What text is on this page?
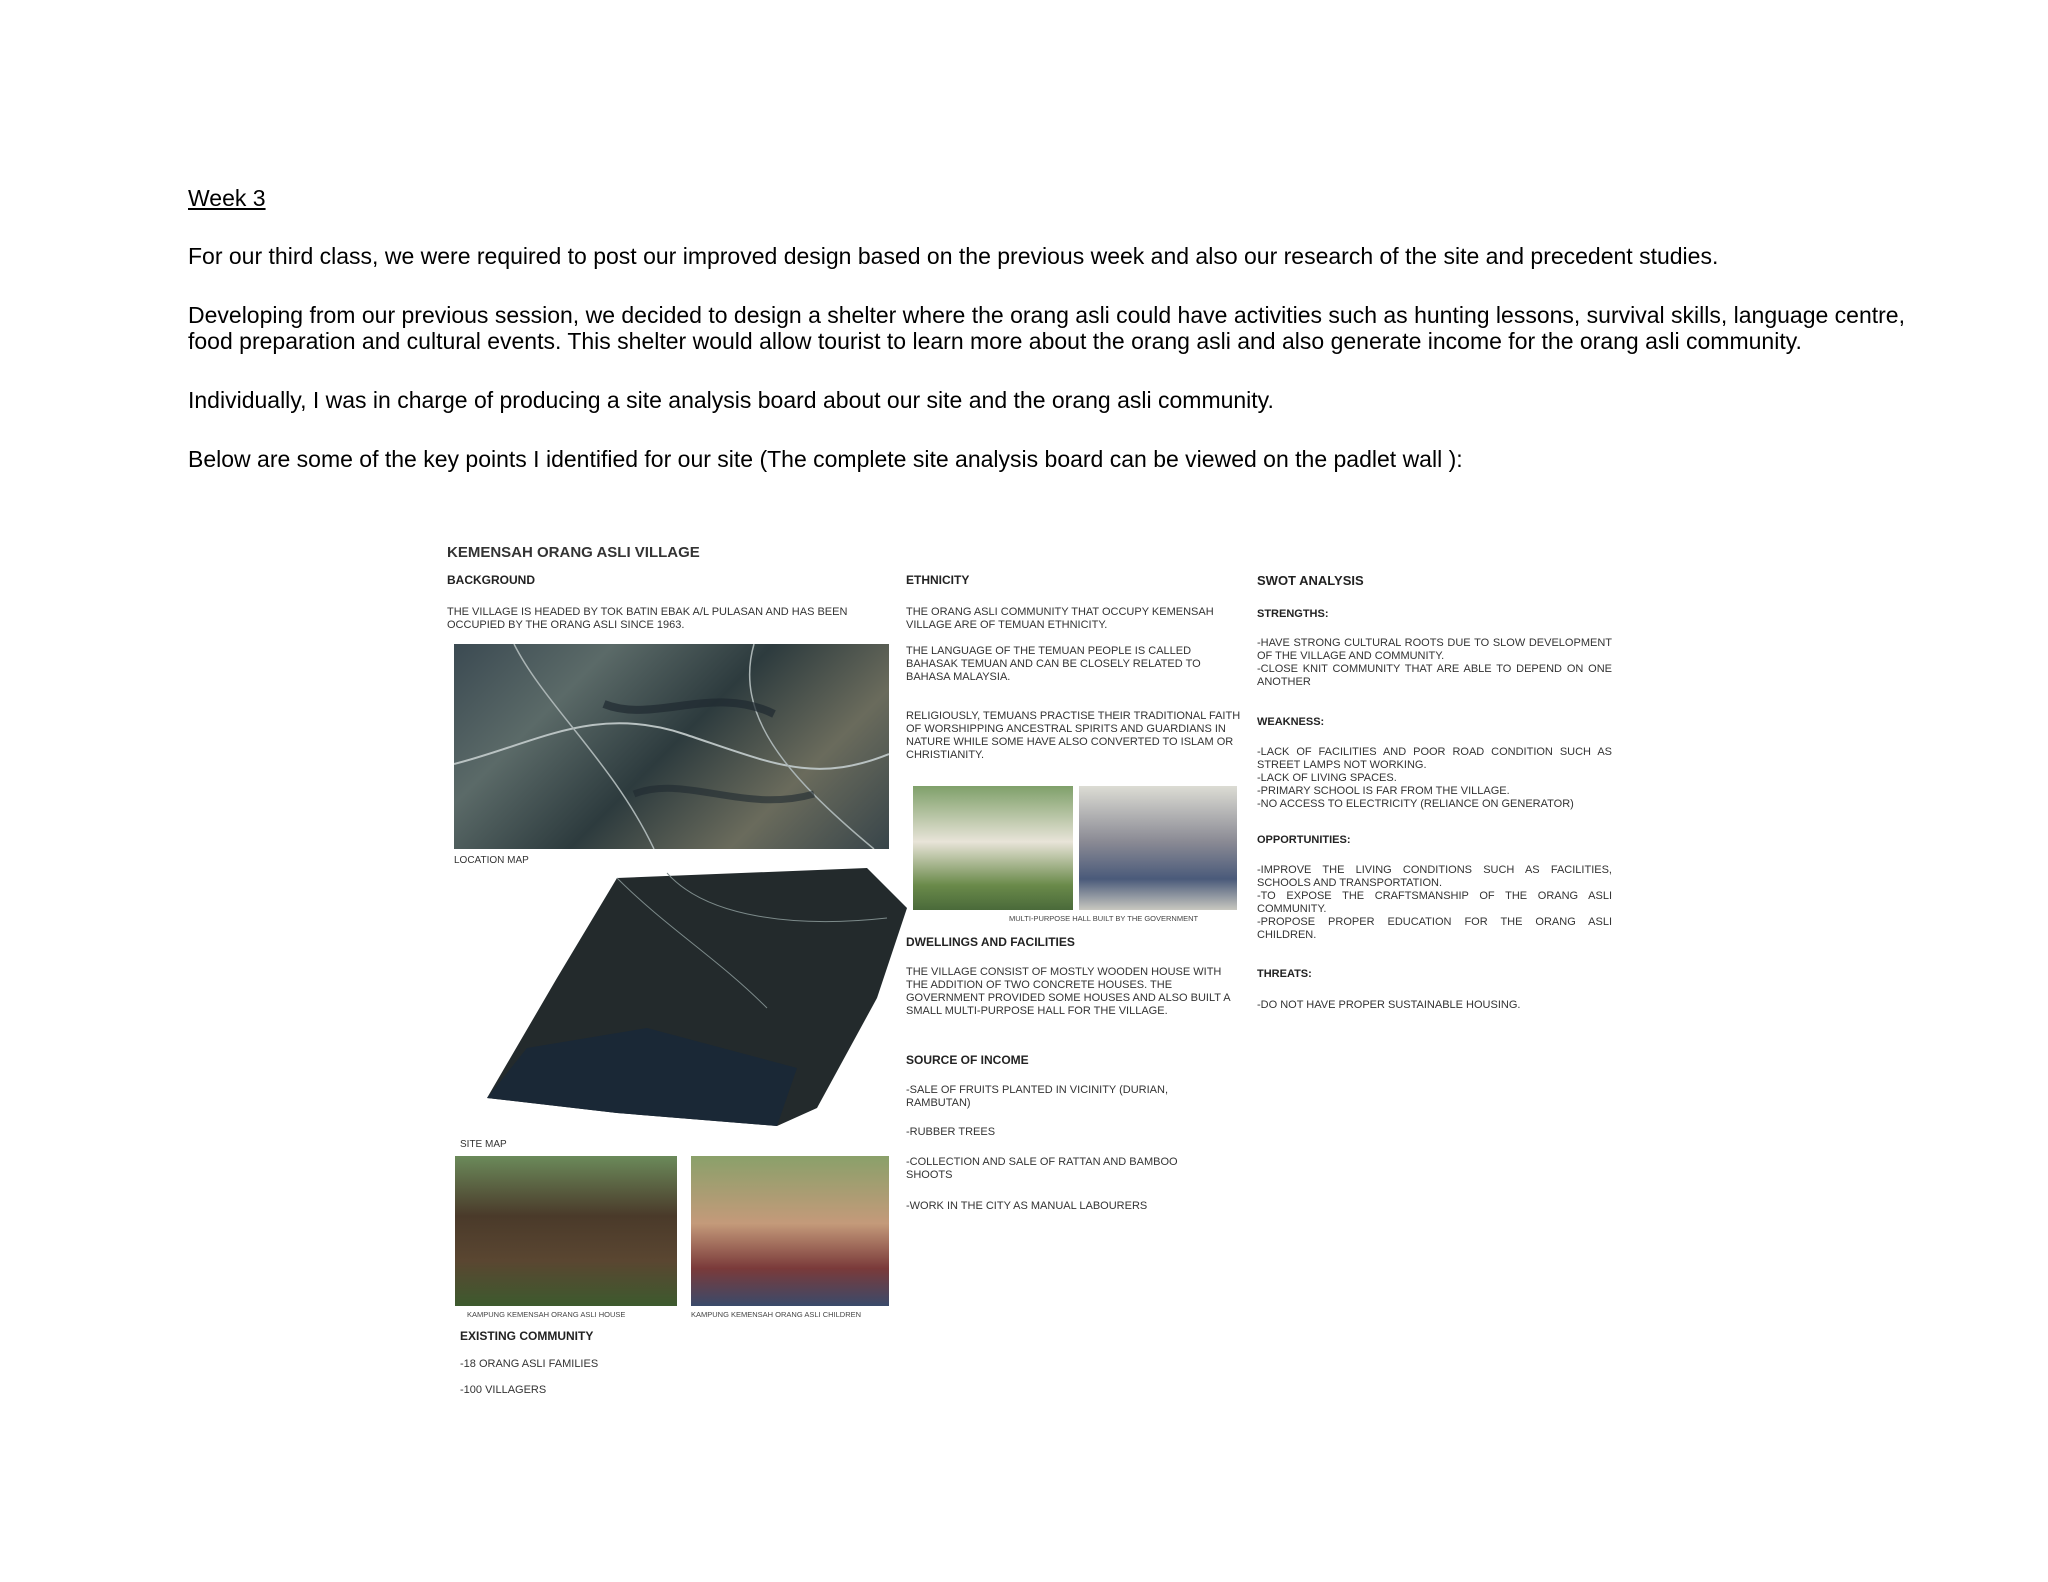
Week 3

For our third class, we were required to post our improved design based on the previous week and also our research of the site and precedent studies.

Developing from our previous session, we decided to design a shelter where the orang asli could have activities such as hunting lessons, survival skills, language centre, food preparation and cultural events. This shelter would allow tourist to learn more about the orang asli and also generate income for the orang asli community.

Individually, I was in charge of producing a site analysis board about our site and the orang asli community.

Below are some of the key points I identified for our site (The complete site analysis board can be viewed on the padlet wall ):

KEMENSAH ORANG ASLI VILLAGE
BACKGROUND
THE VILLAGE IS HEADED BY TOK BATIN EBAK A/L PULASAN AND HAS BEEN OCCUPIED BY THE ORANG ASLI SINCE 1963.
LOCATION MAP
SITE MAP
KAMPUNG KEMENSAH ORANG ASLI HOUSE	KAMPUNG KEMENSAH ORANG ASLI CHILDREN
EXISTING COMMUNITY
-18 ORANG ASLI FAMILIES
-100 VILLAGERS
ETHNICITY
THE ORANG ASLI COMMUNITY THAT OCCUPY KEMENSAH VILLAGE ARE OF TEMUAN ETHNICITY.
THE LANGUAGE OF THE TEMUAN PEOPLE IS CALLED BAHASAK TEMUAN AND CAN BE CLOSELY RELATED TO BAHASA MALAYSIA.
RELIGIOUSLY, TEMUANS PRACTISE THEIR TRADITIONAL FAITH OF WORSHIPPING ANCESTRAL SPIRITS AND GUARDIANS IN NATURE WHILE SOME HAVE ALSO CONVERTED TO ISLAM OR CHRISTIANITY.
MULTI-PURPOSE HALL BUILT BY THE GOVERNMENT
DWELLINGS AND FACILITIES
THE VILLAGE CONSIST OF MOSTLY WOODEN HOUSE WITH THE ADDITION OF TWO CONCRETE HOUSES. THE GOVERNMENT PROVIDED SOME HOUSES AND ALSO BUILT A SMALL MULTI-PURPOSE HALL FOR THE VILLAGE.
SOURCE OF INCOME
-SALE OF FRUITS PLANTED IN VICINITY (DURIAN, RAMBUTAN)
-RUBBER TREES
-COLLECTION AND SALE OF RATTAN AND BAMBOO SHOOTS
-WORK IN THE CITY AS MANUAL LABOURERS
SWOT ANALYSIS
STRENGTHS:
-HAVE STRONG CULTURAL ROOTS DUE TO SLOW DEVELOPMENT OF THE VILLAGE AND COMMUNITY.
-CLOSE KNIT COMMUNITY THAT ARE ABLE TO DEPEND ON ONE ANOTHER
WEAKNESS:
-LACK OF FACILITIES AND POOR ROAD CONDITION SUCH AS STREET LAMPS NOT WORKING.
-LACK OF LIVING SPACES.
-PRIMARY SCHOOL IS FAR FROM THE VILLAGE.
-NO ACCESS TO ELECTRICITY (RELIANCE ON GENERATOR)
OPPORTUNITIES:
-IMPROVE THE LIVING CONDITIONS SUCH AS FACILITIES, SCHOOLS AND TRANSPORTATION.
-TO EXPOSE THE CRAFTSMANSHIP OF THE ORANG ASLI COMMUNITY.
-PROPOSE PROPER EDUCATION FOR THE ORANG ASLI CHILDREN.
THREATS:
-DO NOT HAVE PROPER SUSTAINABLE HOUSING.
